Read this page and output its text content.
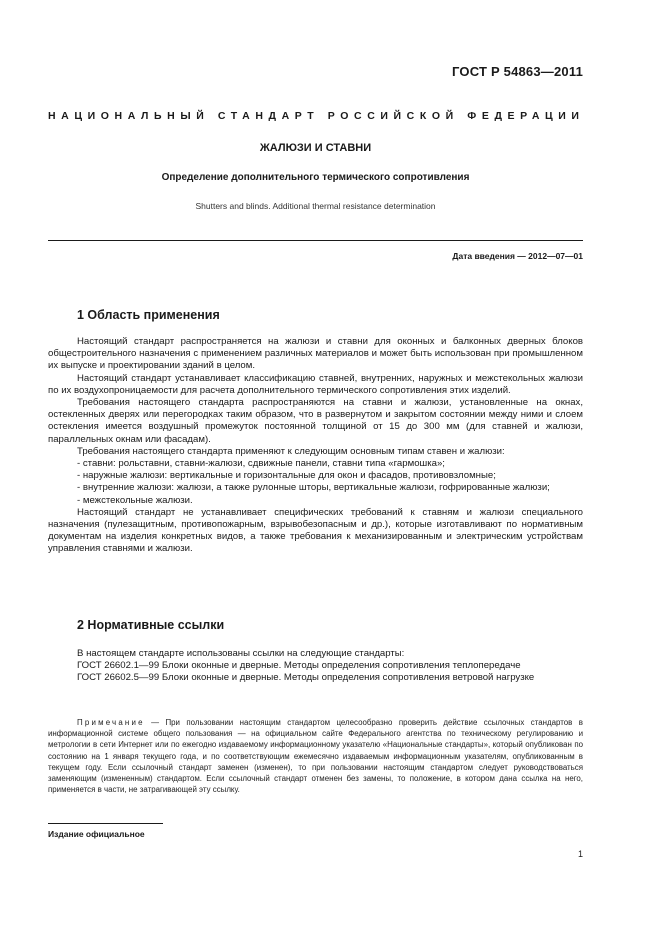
ГОСТ Р 54863—2011
НАЦИОНАЛЬНЫЙ СТАНДАРТ РОССИЙСКОЙ ФЕДЕРАЦИИ
ЖАЛЮЗИ И СТАВНИ
Определение дополнительного термического сопротивления
Shutters and blinds. Additional thermal resistance determination
Дата введения — 2012—07—01
1 Область применения

Настоящий стандарт распространяется на жалюзи и ставни для оконных и балконных дверных блоков общестроительного назначения с применением различных материалов и может быть использован при промышленном их выпуске и проектировании зданий в целом.

Настоящий стандарт устанавливает классификацию ставней, внутренних, наружных и межстекольных жалюзи по их воздухопроницаемости для расчета дополнительного термического сопротивления этих изделий.

Требования настоящего стандарта распространяются на ставни и жалюзи, установленные на окнах, остекленных дверях или перегородках таким образом, что в развернутом и закрытом состоянии между ними и слоем остекления имеется воздушный промежуток постоянной толщиной от 15 до 300 мм (для ставней и жалюзи, параллельных окнам или фасадам).

Требования настоящего стандарта применяют к следующим основным типам ставен и жалюзи:

- ставни: рольставни, ставни-жалюзи, сдвижные панели, ставни типа «гармошка»;

- наружные жалюзи: вертикальные и горизонтальные для окон и фасадов, противовзломные;

- внутренние жалюзи: жалюзи, а также рулонные шторы, вертикальные жалюзи, гофрированные жалюзи;

- межстекольные жалюзи.

Настоящий стандарт не устанавливает специфических требований к ставням и жалюзи специального назначения (пулезащитным, противопожарным, взрывобезопасным и др.), которые изготавливают по нормативным документам на изделия конкретных видов, а также требования к механизированным и электрическим устройствам управления ставнями и жалюзи.

2 Нормативные ссылки

В настоящем стандарте использованы ссылки на следующие стандарты:

ГОСТ 26602.1—99 Блоки оконные и дверные. Методы определения сопротивления теплопередаче

ГОСТ 26602.5—99 Блоки оконные и дверные. Методы определения сопротивления ветровой нагрузке

Примечание — При пользовании настоящим стандартом целесообразно проверить действие ссылочных стандартов в информационной системе общего пользования — на официальном сайте Федерального агентства по техническому регулированию и метрологии в сети Интернет или по ежегодно издаваемому информационному указателю «Национальные стандарты», который опубликован по состоянию на 1 января текущего года, и по соответствующим ежемесячно издаваемым информационным указателям, опубликованным в текущем году. Если ссылочный стандарт заменен (изменен), то при пользовании настоящим стандартом следует руководствоваться заменяющим (измененным) стандартом. Если ссылочный стандарт отменен без замены, то положение, в котором дана ссылка на него, применяется в части, не затрагивающей эту ссылку.

Издание официальное
1
